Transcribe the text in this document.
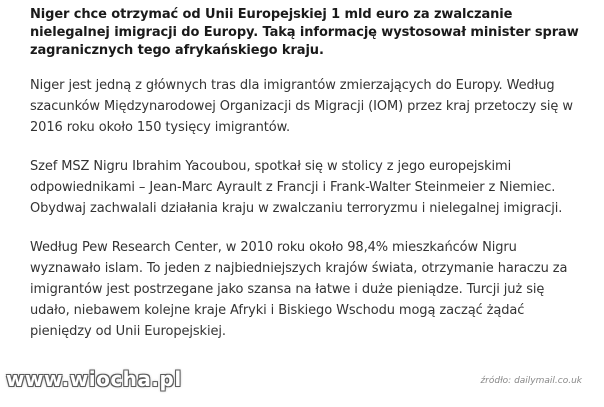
Niger chce otrzymać od Unii Europejskiej 1 mld euro za zwalczanie nielegalnej imigracji do Europy. Taką informację wystosował minister spraw zagranicznych tego afrykańskiego kraju.

Niger jest jedną z głównych tras dla imigrantów zmierzających do Europy. Według szacunków Międzynarodowej Organizacji ds Migracji (IOM) przez kraj przetoczy się w 2016 roku około 150 tysięcy imigrantów.

Szef MSZ Nigru Ibrahim Yacoubou, spotkał się w stolicy z jego europejskimi odpowiednikami – Jean-Marc Ayrault z Francji i Frank-Walter Steinmeier z Niemiec. Obydwaj zachwalali działania kraju w zwalczaniu terroryzmu i nielegalnej imigracji.

Według Pew Research Center, w 2010 roku około 98,4% mieszkańców Nigru wyznawało islam. To jeden z najbiedniejszych krajów świata, otrzymanie haraczu za imigrantów jest postrzegane jako szansa na łatwe i duże pieniądze. Turcji już się udało, niebawem kolejne kraje Afryki i Biskiego Wschodu mogą zacząć żądać pieniędzy od Unii Europejskiej.

www.wiocha.pl	źródło: dailymail.co.uk
